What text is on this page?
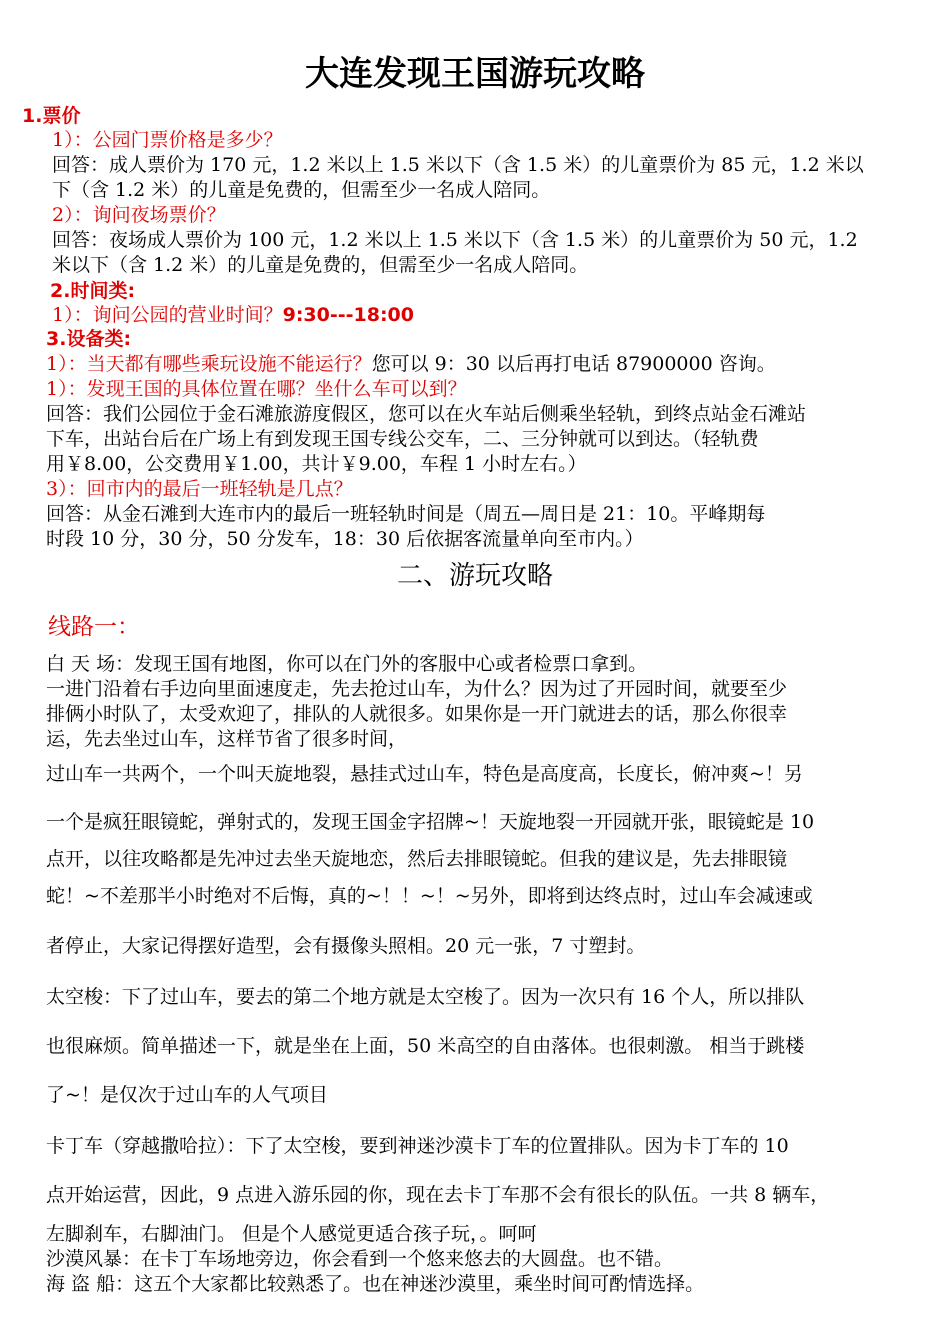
大连发现王国游玩攻略
1.票价
1）：公园门票价格是多少？
回答：成人票价为 170 元，1.2 米以上 1.5 米以下（含 1.5 米）的儿童票价为 85 元，1.2 米以
下（含 1.2 米）的儿童是免费的，但需至少一名成人陪同。
2）：询问夜场票价？
回答：夜场成人票价为 100 元，1.2 米以上 1.5 米以下（含 1.5 米）的儿童票价为 50 元，1.2
米以下（含 1.2 米）的儿童是免费的，但需至少一名成人陪同。
2.时间类:
1）：询问公园的营业时间？9:30---18:00
3.设备类:
1）：当天都有哪些乘玩设施不能运行？您可以 9：30 以后再打电话 87900000 咨询。
1）：发现王国的具体位置在哪？坐什么车可以到？
回答：我们公园位于金石滩旅游度假区，您可以在火车站后侧乘坐轻轨，到终点站金石滩站
下车，出站台后在广场上有到发现王国专线公交车，二、三分钟就可以到达。（轻轨费
用￥8.00，公交费用￥1.00，共计￥9.00，车程 1 小时左右。）
3）：回市内的最后一班轻轨是几点？
回答：从金石滩到大连市内的最后一班轻轨时间是（周五—周日是 21：10。平峰期每
时段 10 分，30 分，50 分发车，18：30 后依据客流量单向至市内。）
二、游玩攻略
线路一：
白 天 场：发现王国有地图，你可以在门外的客服中心或者检票口拿到。
一进门沿着右手边向里面速度走，先去抢过山车，为什么？因为过了开园时间，就要至少
排俩小时队了，太受欢迎了，排队的人就很多。如果你是一开门就进去的话，那么你很幸
运，先去坐过山车，这样节省了很多时间，
过山车一共两个，一个叫天旋地裂，悬挂式过山车，特色是高度高，长度长，俯冲爽~！另
一个是疯狂眼镜蛇，弹射式的，发现王国金字招牌~！天旋地裂一开园就开张，眼镜蛇是 10
点开，以往攻略都是先冲过去坐天旋地恋，然后去排眼镜蛇。但我的建议是，先去排眼镜
蛇！~不差那半小时绝对不后悔，真的~！！~！~另外，即将到达终点时，过山车会减速或
者停止，大家记得摆好造型，会有摄像头照相。20 元一张，7 寸塑封。
太空梭：下了过山车，要去的第二个地方就是太空梭了。因为一次只有 16 个人，所以排队
也很麻烦。简单描述一下，就是坐在上面，50 米高空的自由落体。也很刺激。 相当于跳楼
了~！是仅次于过山车的人气项目
卡丁车（穿越撒哈拉）：下了太空梭，要到神迷沙漠卡丁车的位置排队。因为卡丁车的 10
点开始运营，因此，9 点进入游乐园的你，现在去卡丁车那不会有很长的队伍。一共 8 辆车，
左脚刹车，右脚油门。 但是个人感觉更适合孩子玩，。呵呵
沙漠风暴：在卡丁车场地旁边，你会看到一个悠来悠去的大圆盘。也不错。
海 盗 船：这五个大家都比较熟悉了。也在神迷沙漠里，乘坐时间可酌情选择。
